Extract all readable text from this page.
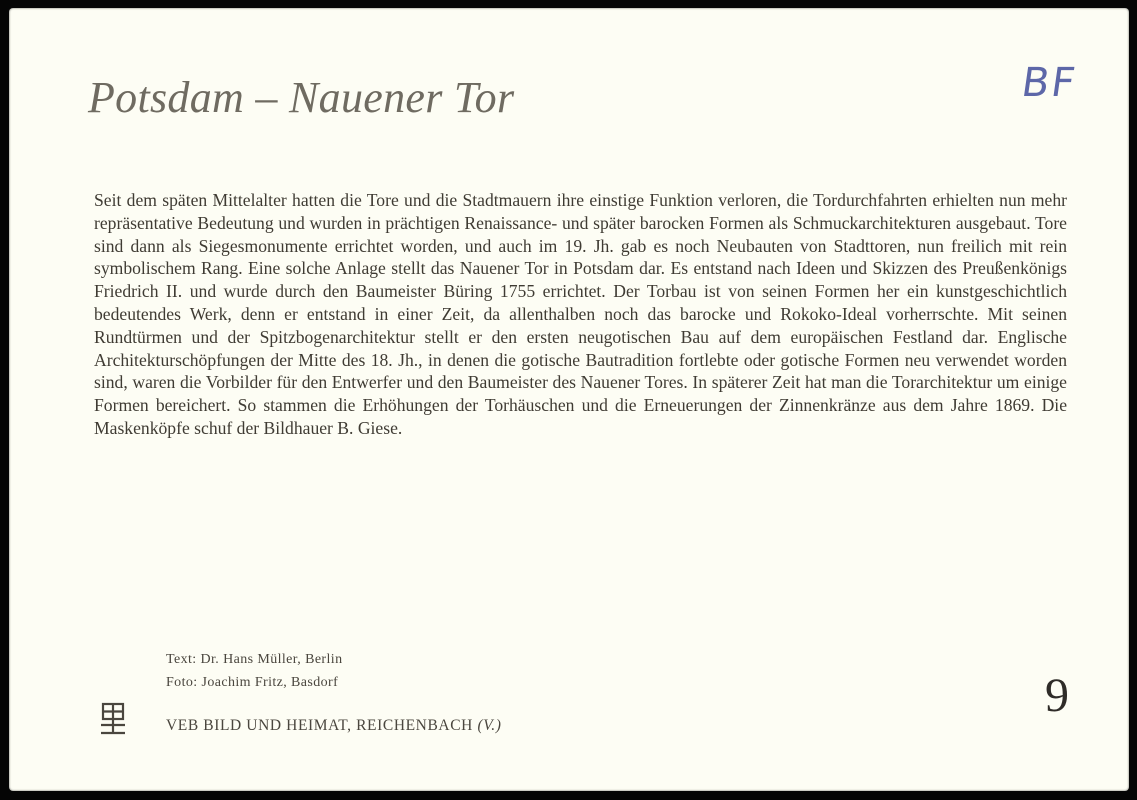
Potsdam – Nauener Tor	BF

Seit dem späten Mittelalter hatten die Tore und die Stadtmauern ihre einstige Funktion verloren, die Tordurchfahrten erhielten nun mehr repräsentative Bedeutung und wurden in prächtigen Renaissance- und später barocken Formen als Schmuckarchitekturen ausgebaut. Tore sind dann als Siegesmonumente errichtet worden, und auch im 19. Jh. gab es noch Neubauten von Stadttoren, nun freilich mit rein symbolischem Rang. Eine solche Anlage stellt das Nauener Tor in Potsdam dar. Es entstand nach Ideen und Skizzen des Preußenkönigs Friedrich II. und wurde durch den Baumeister Büring 1755 errichtet. Der Torbau ist von seinen Formen her ein kunstgeschichtlich bedeutendes Werk, denn er entstand in einer Zeit, da allenthalben noch das barocke und Rokoko-Ideal vorherrschte. Mit seinen Rundtürmen und der Spitzbogenarchitektur stellt er den ersten neugotischen Bau auf dem europäischen Festland dar. Englische Architekturschöpfungen der Mitte des 18. Jh., in denen die gotische Bautradition fortlebte oder gotische Formen neu verwendet worden sind, waren die Vorbilder für den Entwerfer und den Baumeister des Nauener Tores. In späterer Zeit hat man die Torarchitektur um einige Formen bereichert. So stammen die Erhöhungen der Torhäuschen und die Erneuerungen der Zinnenkränze aus dem Jahre 1869. Die Maskenköpfe schuf der Bildhauer B. Giese.

Text: Dr. Hans Müller, Berlin
Foto: Joachim Fritz, Basdorf
VEB BILD UND HEIMAT, REICHENBACH (V.)
9
